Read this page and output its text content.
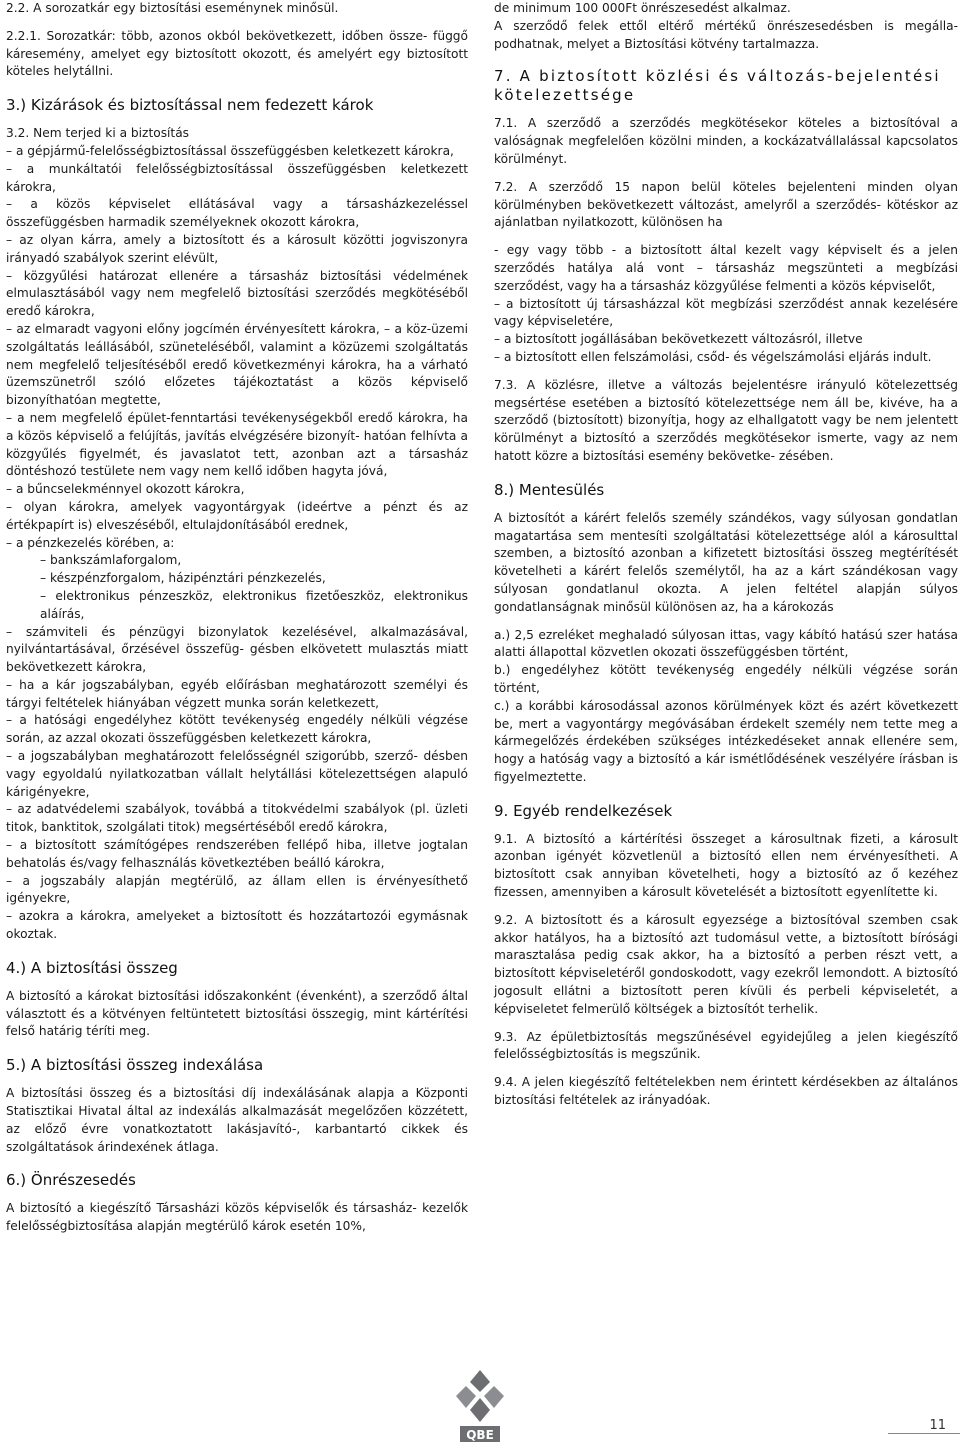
2.2. A sorozatkár egy biztosítási eseménynek minősül.

2.2.1. Sorozatkár: több, azonos okból bekövetkezett, időben össze- függő káresemény, amelyet egy biztosított okozott, és amelyért egy biztosított köteles helytállni.

3.) Kizárások és biztosítással nem fedezett károk

3.2. Nem terjed ki a biztosítás

– a gépjármű-felelősségbiztosítással összefüggésben keletkezett károkra,

– a munkáltatói felelősségbiztosítással összefüggésben keletkezett károkra,

– a közös képviselet ellátásával vagy a társasházkezeléssel összefüggésben harmadik személyeknek okozott károkra,

– az olyan kárra, amely a biztosított és a károsult közötti jogviszonyra irányadó szabályok szerint elévült,

– közgyűlési határozat ellenére a társasház biztosítási védelmének elmulasztásából vagy nem megfelelő biztosítási szerződés megkötéséből eredő károkra,

– az elmaradt vagyoni előny jogcímén érvényesített károkra, – a köz-üzemi szolgáltatás leállásából, szüneteléséből, valamint a közüzemi szolgáltatás nem megfelelő teljesítéséből eredő következményi károkra, ha a várható üzemszünetről szóló előzetes tájékoztatást a közös képviselő bizonyíthatóan megtette,

– a nem megfelelő épület-fenntartási tevékenységekből eredő károkra, ha a közös képviselő a felújítás, javítás elvégzésére bizonyít- hatóan felhívta a közgyűlés figyelmét, és javaslatot tett, azonban azt a társasház döntéshozó testülete nem vagy nem kellő időben hagyta jóvá,

– a bűncselekménnyel okozott károkra,

– olyan károkra, amelyek vagyontárgyak (ideértve a pénzt és az értékpapírt is) elveszéséből, eltulajdonításából erednek,

– a pénzkezelés körében, a:

– bankszámlaforgalom,

– készpénzforgalom, házipénztári pénzkezelés,

– elektronikus pénzeszköz, elektronikus fizetőeszköz, elektronikus aláírás,

– számviteli és pénzügyi bizonylatok kezelésével, alkalmazásával, nyilvántartásával, őrzésével összefüg- gésben elkövetett mulasztás miatt bekövetkezett károkra,

– ha a kár jogszabályban, egyéb előírásban meghatározott személyi és tárgyi feltételek hiányában végzett munka során keletkezett,

– a hatósági engedélyhez kötött tevékenység engedély nélküli végzése során, az azzal okozati összefüggésben keletkezett károkra,

– a jogszabályban meghatározott felelősségnél szigorúbb, szerző- désben vagy egyoldalú nyilatkozatban vállalt helytállási kötelezettségen alapuló kárigényekre,

– az adatvédelemi szabályok, továbbá a titokvédelmi szabályok (pl. üzleti titok, banktitok, szolgálati titok) megsértéséből eredő károkra,

– a biztosított számítógépes rendszerében fellépő hiba, illetve jogtalan behatolás és/vagy felhasználás következtében beálló károkra,

– a jogszabály alapján megtérülő, az állam ellen is érvényesíthető igényekre,

– azokra a károkra, amelyeket a biztosított és hozzátartozói egymásnak okoztak.

4.) A biztosítási összeg

A biztosító a károkat biztosítási időszakonként (évenként), a szerződő által választott és a kötvényen feltüntetett biztosítási összegig, mint kártérítési felső határig téríti meg.

5.) A biztosítási összeg indexálása

A biztosítási összeg és a biztosítási díj indexálásának alapja a Központi Statisztikai Hivatal által az indexálás alkalmazását megelőzően közzétett, az előző évre vonatkoztatott lakásjavító-, karbantartó cikkek és szolgáltatások árindexének átlaga.

6.) Önrészesedés

A biztosító a kiegészítő Társasházi közös képviselők és társasház- kezelők felelősségbiztosítása alapján megtérülő károk esetén 10%,

de minimum 100 000Ft önrészesedést alkalmaz.

A szerződő felek ettől eltérő mértékű önrészesedésben is megálla- podhatnak, melyet a Biztosítási kötvény tartalmazza.

7. A biztosított közlési és változás-bejelentési kötelezettsége

7.1. A szerződő a szerződés megkötésekor köteles a biztosítóval a valóságnak megfelelően közölni minden, a kockázatvállalással kapcsolatos körülményt.

7.2. A szerződő 15 napon belül köteles bejelenteni minden olyan körülményben bekövetkezett változást, amelyről a szerződés- kötéskor az ajánlatban nyilatkozott, különösen ha

- egy vagy több - a biztosított által kezelt vagy képviselt és a jelen szerződés hatálya alá vont – társasház megszünteti a megbízási szerződést, vagy ha a társasház közgyűlése felmenti a közös képviselőt,

– a biztosított új társasházzal köt megbízási szerződést annak kezelésére vagy képviseletére,

– a biztosított jogállásában bekövetkezett változásról, illetve

– a biztosított ellen felszámolási, csőd- és végelszámolási eljárás indult.

7.3. A közlésre, illetve a változás bejelentésre irányuló kötelezettség megsértése esetében a biztosító kötelezettsége nem áll be, kivéve, ha a szerződő (biztosított) bizonyítja, hogy az elhallgatott vagy be nem jelentett körülményt a biztosító a szerződés megkötésekor ismerte, vagy az nem hatott közre a biztosítási esemény bekövetke- zésében.

8.) Mentesülés

A biztosítót a kárért felelős személy szándékos, vagy súlyosan gondatlan magatartása sem mentesíti szolgáltatási kötelezettsége alól a károsulttal szemben, a biztosító azonban a kifizetett biztosítási összeg megtérítését követelheti a kárért felelős személytől, ha az a kárt szándékosan vagy súlyosan gondatlanul okozta. A jelen feltétel alapján súlyos gondatlanságnak minősül különösen az, ha a károkozás

a.) 2,5 ezreléket meghaladó súlyosan ittas, vagy kábító hatású szer hatása alatti állapottal közvetlen okozati összefüggésben történt,

b.) engedélyhez kötött tevékenység engedély nélküli végzése során történt,

c.) a korábbi károsodással azonos körülmények közt és azért következett be, mert a vagyontárgy megóvásában érdekelt személy nem tette meg a kármegelőzés érdekében szükséges intézkedéseket annak ellenére sem, hogy a hatóság vagy a biztosító a kár ismétlődésének veszélyére írásban is figyelmeztette.

9. Egyéb rendelkezések

9.1. A biztosító a kártérítési összeget a károsultnak fizeti, a károsult azonban igényét közvetlenül a biztosító ellen nem érvényesítheti. A biztosított csak annyiban követelheti, hogy a biztosító az ő kezéhez fizessen, amennyiben a károsult követelését a biztosított egyenlítette ki.

9.2. A biztosított és a károsult egyezsége a biztosítóval szemben csak akkor hatályos, ha a biztosító azt tudomásul vette, a biztosított bírósági marasztalása pedig csak akkor, ha a biztosító a perben részt vett, a biztosított képviseletéről gondoskodott, vagy ezekről lemondott. A biztosító jogosult ellátni a biztosított peren kívüli és perbeli képviseletét, a képviseletet felmerülő költségek a biztosítót terhelik.

9.3. Az épületbiztosítás megszűnésével egyidejűleg a jelen kiegészítő felelősségbiztosítás is megszűnik.

9.4. A jelen kiegészítő feltételekben nem érintett kérdésekben az általános biztosítási feltételek az irányadóak.

QBE
11
